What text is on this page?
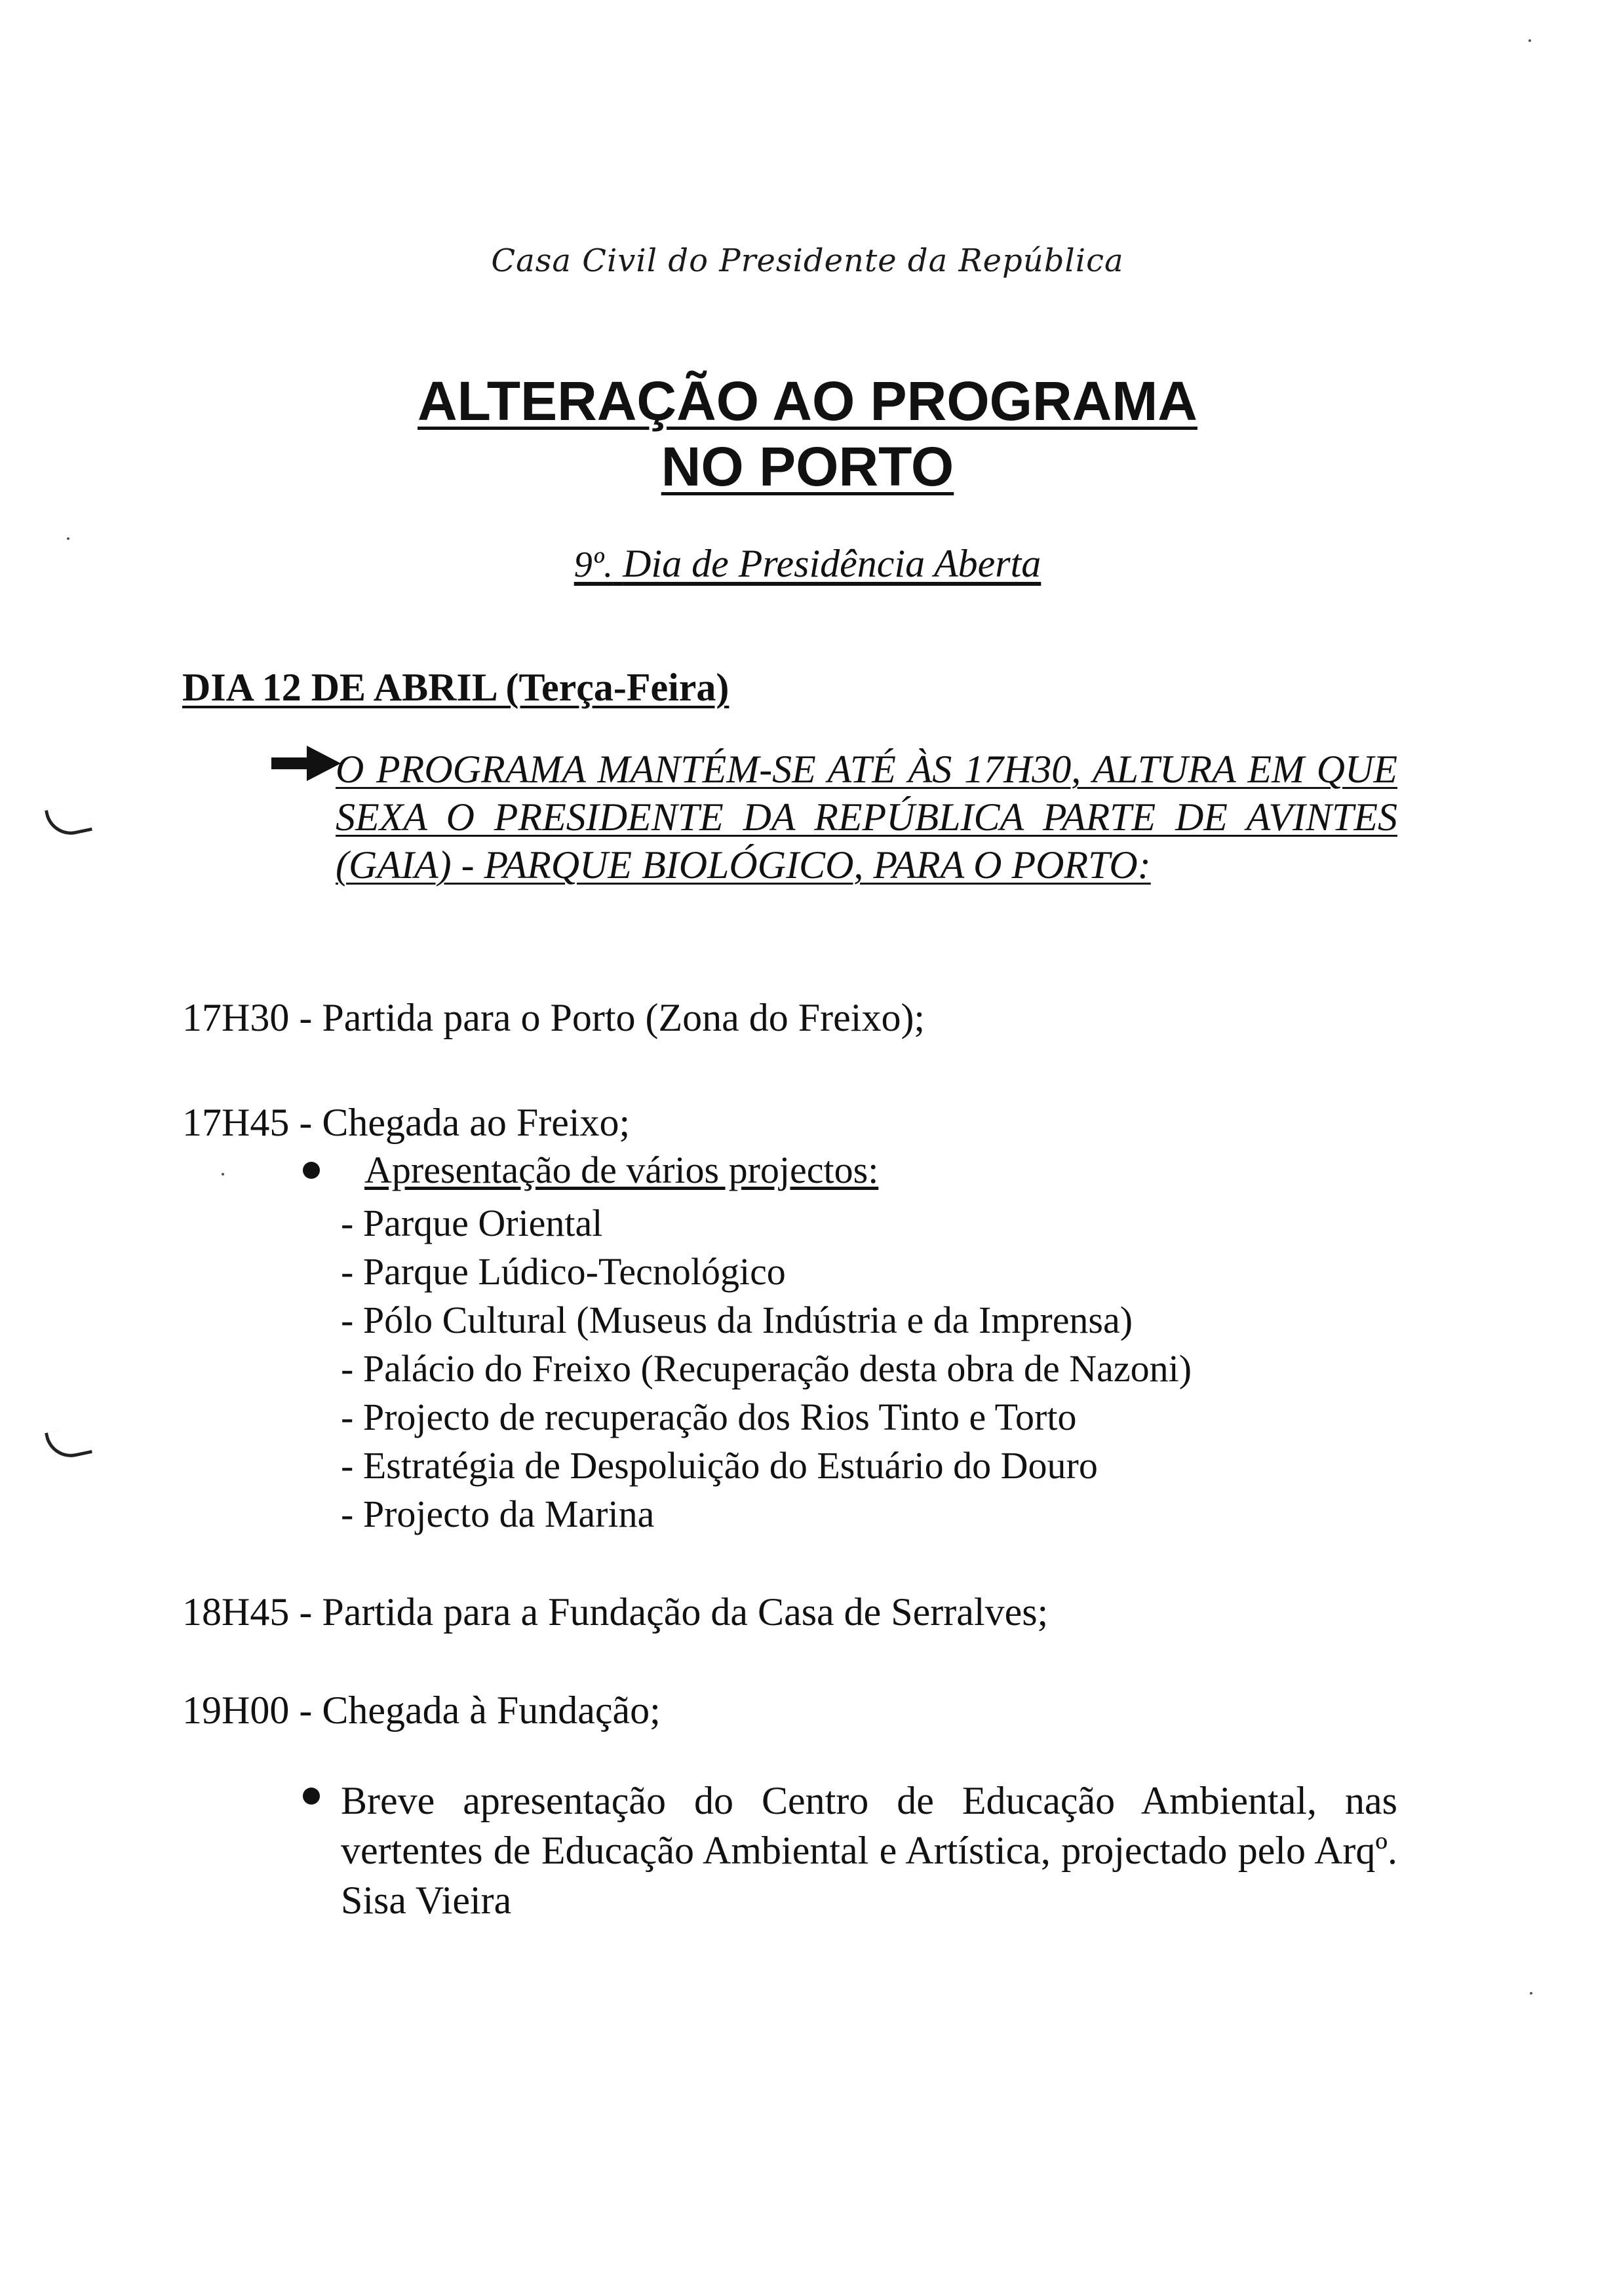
Casa Civil do Presidente da República
ALTERAÇÃO AO PROGRAMA
NO PORTO
9º. Dia de Presidência Aberta
DIA 12 DE ABRIL (Terça-Feira)
O PROGRAMA MANTÉM-SE ATÉ ÀS 17H30, ALTURA EM QUE SEXA O PRESIDENTE DA REPÚBLICA PARTE DE AVINTES (GAIA) - PARQUE BIOLÓGICO, PARA O PORTO:
17H30 - Partida para o Porto (Zona do Freixo);
17H45 - Chegada ao Freixo;
Apresentação de vários projectos:
- Parque Oriental
- Parque Lúdico-Tecnológico
- Pólo Cultural (Museus da Indústria e da Imprensa)
- Palácio do Freixo (Recuperação desta obra de Nazoni)
- Projecto de recuperação dos Rios Tinto e Torto
- Estratégia de Despoluição do Estuário do Douro
- Projecto da Marina
18H45 - Partida para a Fundação da Casa de Serralves;
19H00 - Chegada à Fundação;
Breve apresentação do Centro de Educação Ambiental, nas vertentes de Educação Ambiental e Artística, projectado pelo Arqº. Sisa Vieira
